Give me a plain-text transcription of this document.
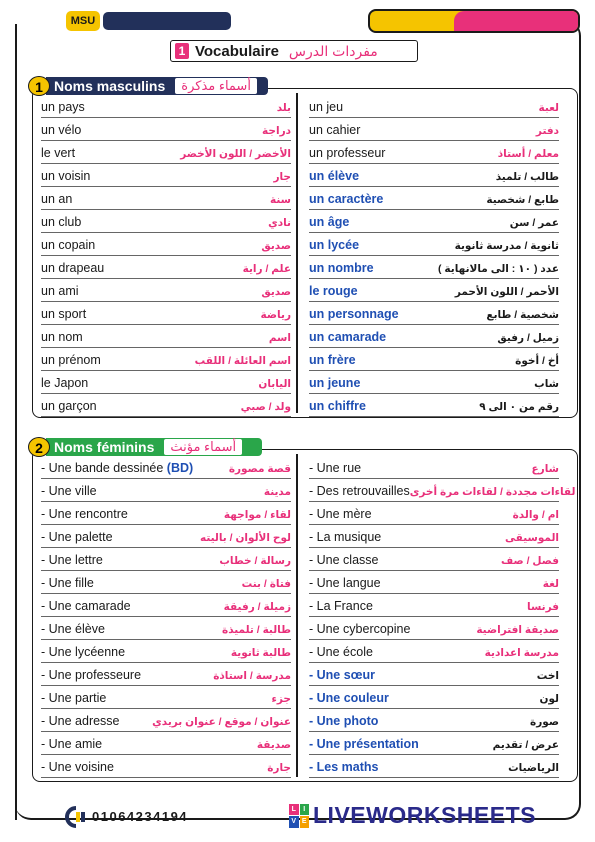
MSU
1 Vocabulaire مفردات الدرس
un pays	بلد
un vélo	دراجة
le vert	الأخضر / اللون الأخضر
un voisin	جار
un an	سنة
un club	نادي
un copain	صديق
un drapeau	علم / راية
un ami	صديق
un sport	رياضة
un nom	اسم
un prénom	اسم العائلة / اللقب
le Japon	اليابان
un garçon	ولد / صبي
un jeu	لعبة
un cahier	دفتر
un professeur	معلم / أستاذ
un élève	طالب / تلميذ
un caractère	طابع / شخصية
un âge	عمر / سن
un lycée	ثانوية / مدرسة ثانوية
un nombre	عدد ( ١٠ : الى مالانهاية )
le rouge	الأحمر / اللون الأحمر
un personnage	شخصية / طابع
un camarade	زميل / رفيق
un frère	أخ / أخوة
un jeune	شاب
un chiffre	رقم من ٠ الى ٩
1 Noms masculins	أسماء مذكرة
- Une bande dessinée (BD)	قصة مصورة
- Une ville	مدينة
- Une rencontre	لقاء / مواجهة
- Une palette	لوح الألوان / باليته
- Une lettre	رسالة / خطاب
- Une fille	فتاة / بنت
- Une camarade	زميلة / رفيقة
- Une élève	طالبة / تلميذة
- Une lycéenne	طالبة ثانوية
- Une professeure	مدرسة / استاذة
- Une partie	جزء
- Une adresse	عنوان / موقع / عنوان بريدي
- Une amie	صديقة
- Une voisine	جارة
- Une rue	شارع
- Des retrouvailles لقاءات مجددة / لقاءات مرة أخرى
- Une mère	ام / والدة
- La musique	الموسيقى
- Une classe	فصل / صف
- Une langue	لغة
- La France	فرنسا
- Une cybercopine	صديقة افتراضية
- Une école	مدرسة اعدادية
- Une sœur	اخت
- Une couleur	لون
- Une photo	صورة
- Une présentation	عرض / تقديم
- Les maths	الرياضيات
2 Noms féminins	أسماء مؤنث
01064234194	L	I
V E LIVEWORKSHEETS
